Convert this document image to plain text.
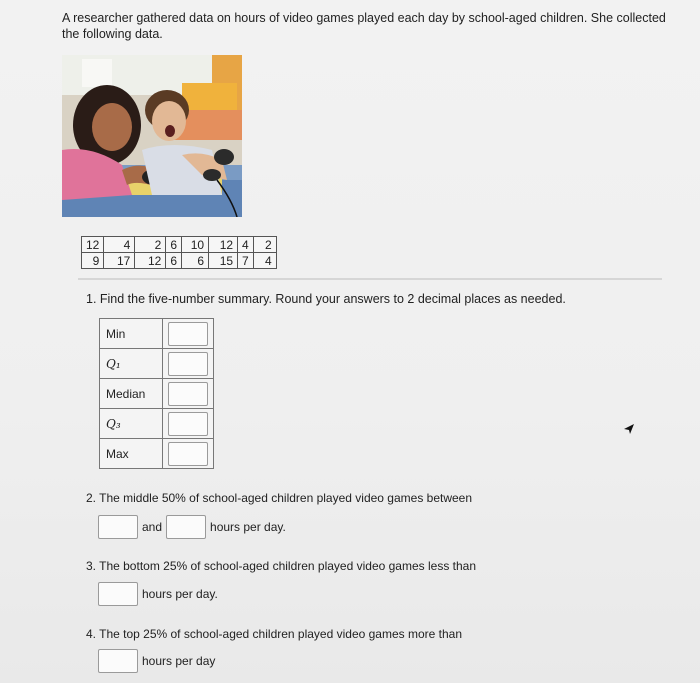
A researcher gathered data on hours of video games played each day by school-aged children. She collected the following data.
12	4	2	6	10	12	4	2
9	17	12	6	6	15	7	4
1. Find the five-number summary. Round your answers to 2 decimal places as needed.
Min	
Q₁	
Median	
Q₃	
Max	
2. The middle 50% of school-aged children played video games between
and	hours per day.
3. The bottom 25% of school-aged children played video games less than
hours per day.
4. The top 25% of school-aged children played video games more than
hours per day
